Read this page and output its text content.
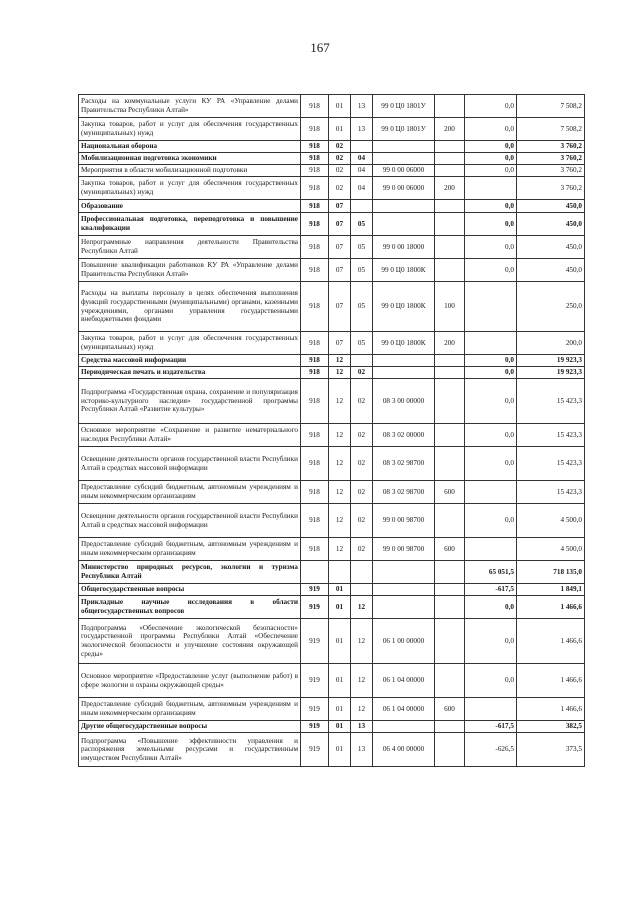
167
Расходы на коммунальные услуги КУ РА «Управление делами Правительства Республики Алтай»	918	01	13	99 0 Ц0 1801У		0,0	7 508,2
Закупка товаров, работ и услуг для обеспечения государственных (муниципальных) нужд	918	01	13	99 0 Ц0 1801У	200	0,0	7 508,2
Национальная оборона	918	02				0,0	3 760,2
Мобилизационная подготовка экономики	918	02	04			0,0	3 760,2
Мероприятия в области мобилизационной подготовки	918	02	04	99 0 00 06000		0,0	3 760,2
Закупка товаров, работ и услуг для обеспечения государственных (муниципальных) нужд	918	02	04	99 0 00 06000	200		3 760,2
Образование	918	07				0,0	450,0
Профессиональная подготовка, переподготовка и повышение квалификации	918	07	05			0,0	450,0
Непрограммные направления деятельности Правительства Республики Алтай	918	07	05	99 0 00 18000		0,0	450,0
Повышение квалификации работников КУ РА «Управление делами Правительства Республики Алтай»	918	07	05	99 0 Ц0 1800К		0,0	450,0
Расходы на выплаты персоналу в целях обеспечения выполнения функций государственными (муниципальными) органами, казенными учреждениями, органами управления государственными внебюджетными фондами	918	07	05	99 0 Ц0 1800К	100		250,0
Закупка товаров, работ и услуг для обеспечения государственных (муниципальных) нужд	918	07	05	99 0 Ц0 1800К	200		200,0
Средства массовой информации	918	12				0,0	19 923,3
Периодическая печать и издательства	918	12	02			0,0	19 923,3
Подпрограмма «Государственная охрана, сохранение и популяризация историко-культурного наследия» государственной программы Республики Алтай «Развитие культуры»	918	12	02	08 3 00 00000		0,0	15 423,3
Основное мероприятие «Сохранение и развитие нематериального наследия Республики Алтай»	918	12	02	08 3 02 00000		0,0	15 423,3
Освещение деятельности органов государственной власти Республики Алтай в средствах массовой информации	918	12	02	08 3 02 98700		0,0	15 423,3
Предоставление субсидий бюджетным, автономным учреждениям и иным некоммерческим организациям	918	12	02	08 3 02 98700	600		15 423,3
Освещение деятельности органов государственной власти Республики Алтай в средствах массовой информации	918	12	02	99 0 00 98700		0,0	4 500,0
Предоставление субсидий бюджетным, автономным учреждениям и иным некоммерческим организациям	918	12	02	99 0 00 98700	600		4 500,0
Министерство природных ресурсов, экологии и туризма Республики Алтай						65 051,5	718 135,0
Общегосударственные вопросы	919	01				-617,5	1 849,1
Прикладные научные исследования в области общегосударственных вопросов	919	01	12			0,0	1 466,6
Подпрограмма «Обеспечение экологической безопасности» государственной программы Республики Алтай «Обеспечение экологической безопасности и улучшение состояния окружающей среды»	919	01	12	06 1 00 00000		0,0	1 466,6
Основное мероприятие «Предоставление услуг (выполнение работ) в сфере экологии и охраны окружающей среды»	919	01	12	06 1 04 00000		0,0	1 466,6
Предоставление субсидий бюджетным, автономным учреждениям и иным некоммерческим организациям	919	01	12	06 1 04 00000	600		1 466,6
Другие общегосударственные вопросы	919	01	13			-617,5	382,5
Подпрограмма «Повышение эффективности управления и распоряжения земельными ресурсами и государственным имуществом Республики Алтай»	919	01	13	06 4 00 00000		-626,5	373,5
